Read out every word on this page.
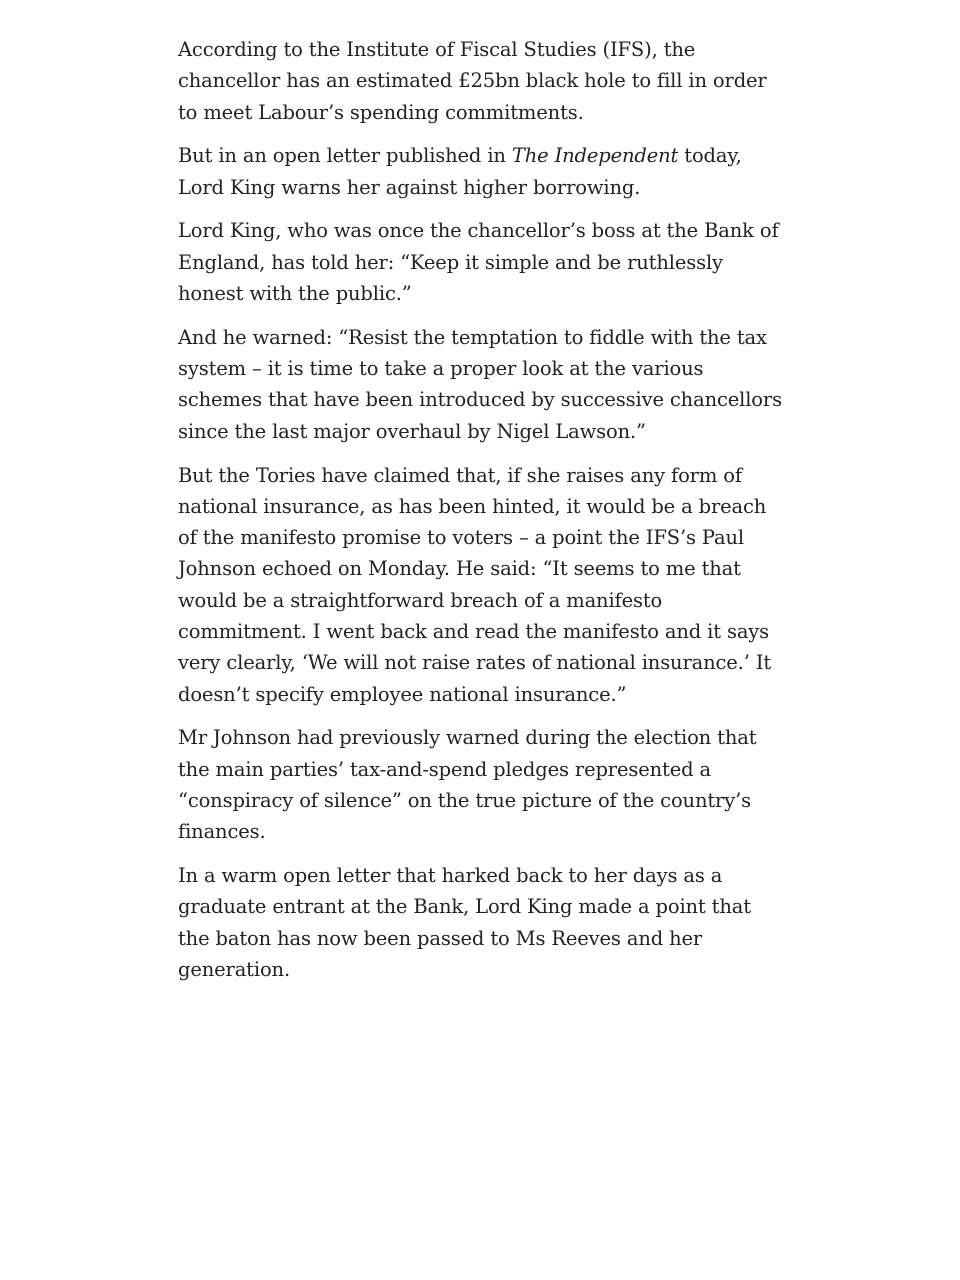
According to the Institute of Fiscal Studies (IFS), the chancellor has an estimated £25bn black hole to fill in order to meet Labour’s spending commitments.

But in an open letter published in The Independent today, Lord King warns her against higher borrowing.

Lord King, who was once the chancellor’s boss at the Bank of England, has told her: “Keep it simple and be ruthlessly honest with the public.”

And he warned: “Resist the temptation to fiddle with the tax system – it is time to take a proper look at the various schemes that have been introduced by successive chancellors since the last major overhaul by Nigel Lawson.”

But the Tories have claimed that, if she raises any form of national insurance, as has been hinted, it would be a breach of the manifesto promise to voters – a point the IFS’s Paul Johnson echoed on Monday. He said: “It seems to me that would be a straightforward breach of a manifesto commitment. I went back and read the manifesto and it says very clearly, ‘We will not raise rates of national insurance.’ It doesn’t specify employee national insurance.”

Mr Johnson had previously warned during the election that the main parties’ tax-and-spend pledges represented a “conspiracy of silence” on the true picture of the country’s finances.

In a warm open letter that harked back to her days as a graduate entrant at the Bank, Lord King made a point that the baton has now been passed to Ms Reeves and her generation.
